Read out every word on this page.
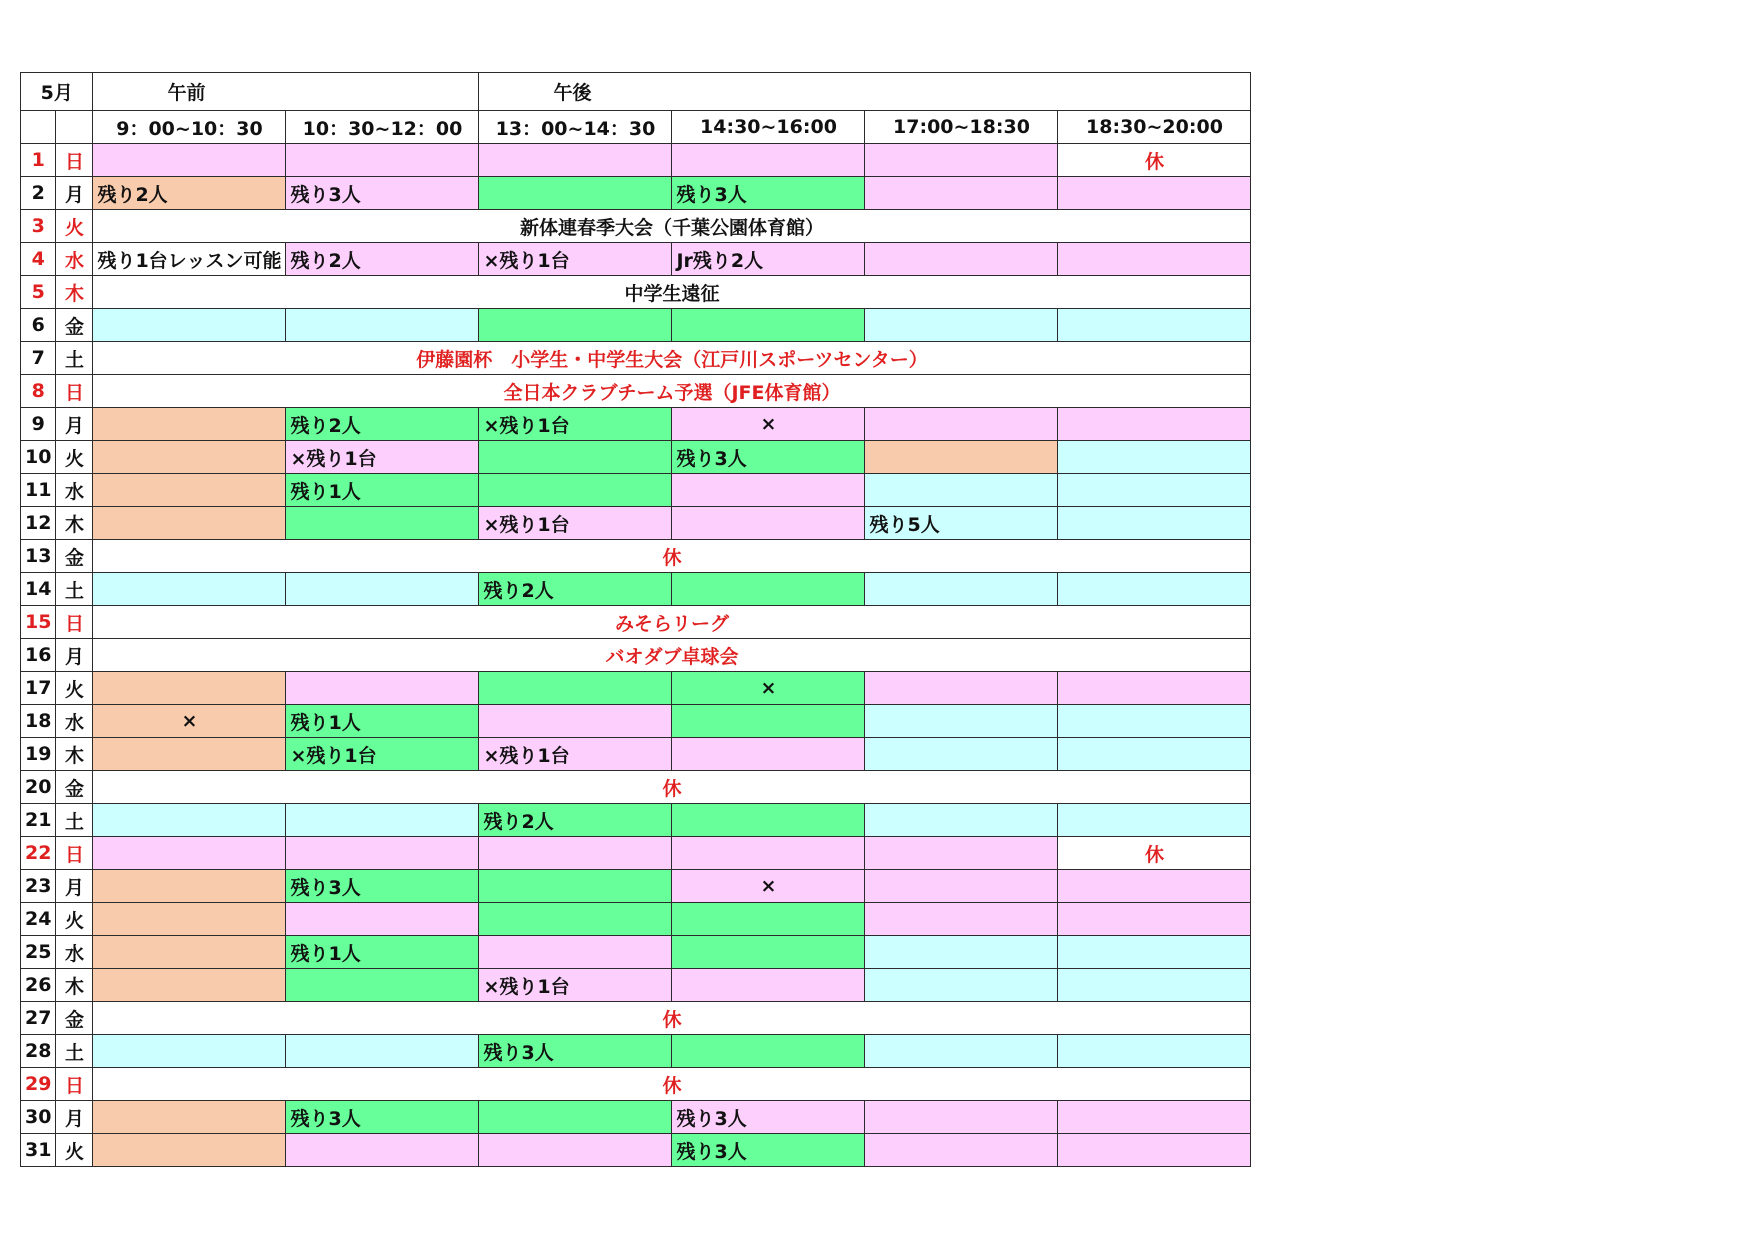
5月		午前		午後			
		9：00~10：30	10：30~12：00	13：00~14：30	14:30~16:00	17:00~18:30	18:30~20:00
1	日						休
2	月	残り2人	残り3人		残り3人		
3	火	新体連春季大会（千葉公園体育館）					
4	水	残り1台レッスン可能	残り2人	×残り1台	Jr残り2人		
5	木	中学生遠征					
6	金						
7	土	伊藤園杯　小学生・中学生大会（江戸川スポーツセンター）					
8	日	全日本クラブチーム予選（JFE体育館）					
9	月		残り2人	×残り1台	×		
10	火		×残り1台		残り3人		
11	水		残り1人				
12	木			×残り1台		残り5人	
13	金	休					
14	土			残り2人			
15	日	みそらリーグ					
16	月	バオダブ卓球会					
17	火				×		
18	水	×	残り1人				
19	木		×残り1台	×残り1台			
20	金	休					
21	土			残り2人			
22	日						休
23	月		残り3人		×		
24	火						
25	水		残り1人				
26	木			×残り1台			
27	金	休					
28	土			残り3人			
29	日	休					
30	月		残り3人		残り3人		
31	火				残り3人		
